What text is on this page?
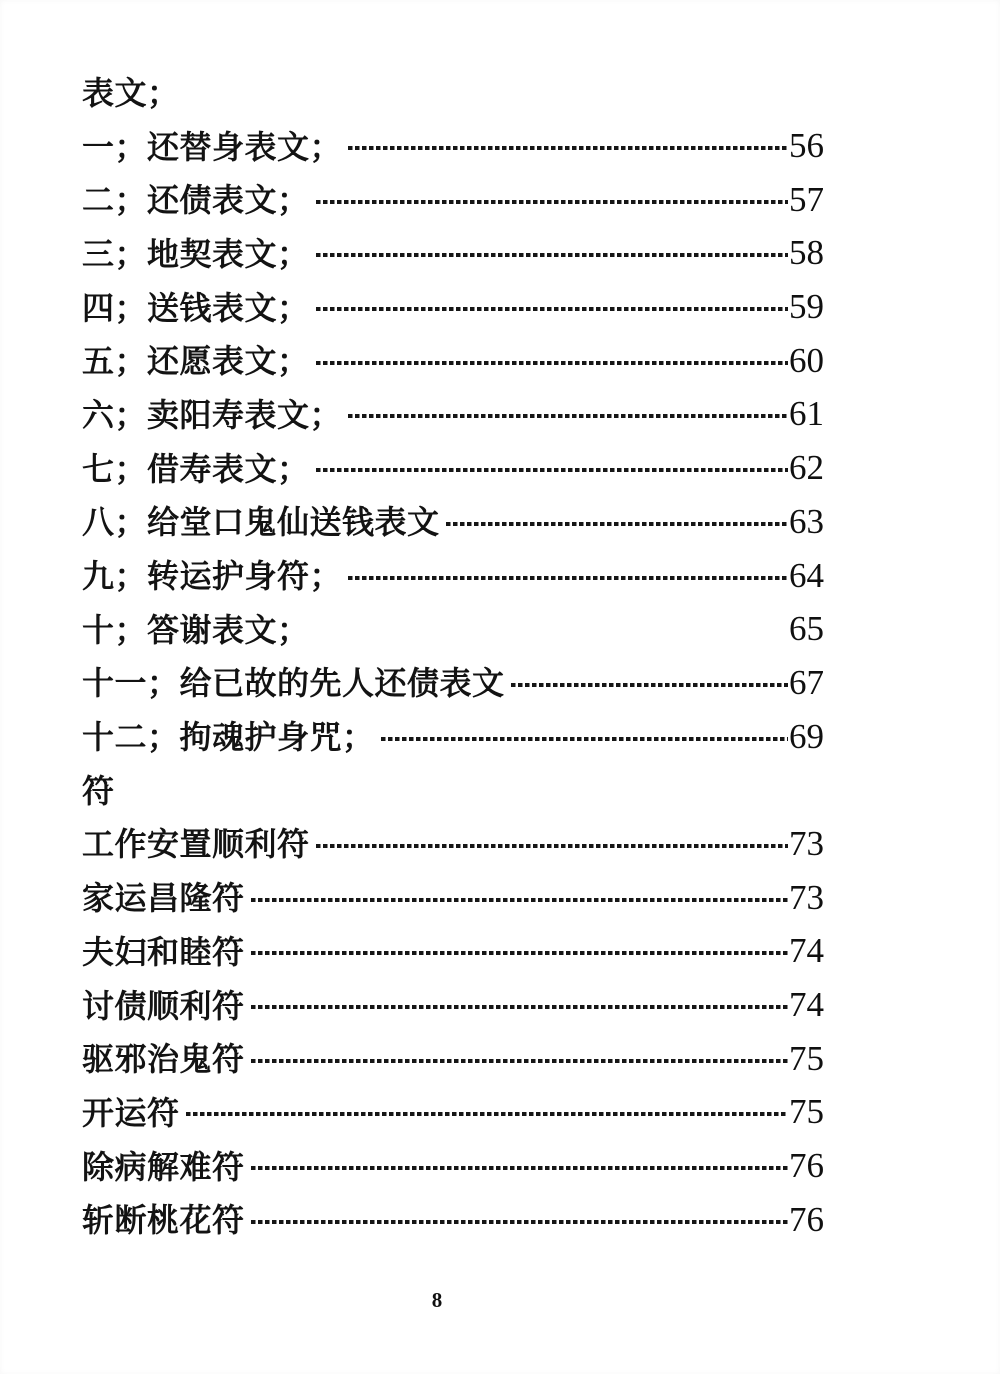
表文；
一；还替身表文；	56
二；还债表文；	57
三；地契表文；	58
四；送钱表文；	59
五；还愿表文；	60
六；卖阳寿表文；	61
七；借寿表文；	62
八；给堂口鬼仙送钱表文	63
九；转运护身符；	64
十；答谢表文；	65
十一；给已故的先人还债表文	67
十二；拘魂护身咒；	69
符
工作安置顺利符	73
家运昌隆符	73
夫妇和睦符	74
讨债顺利符	74
驱邪治鬼符	75
开运符	75
除病解难符	76
斩断桃花符	76
8
